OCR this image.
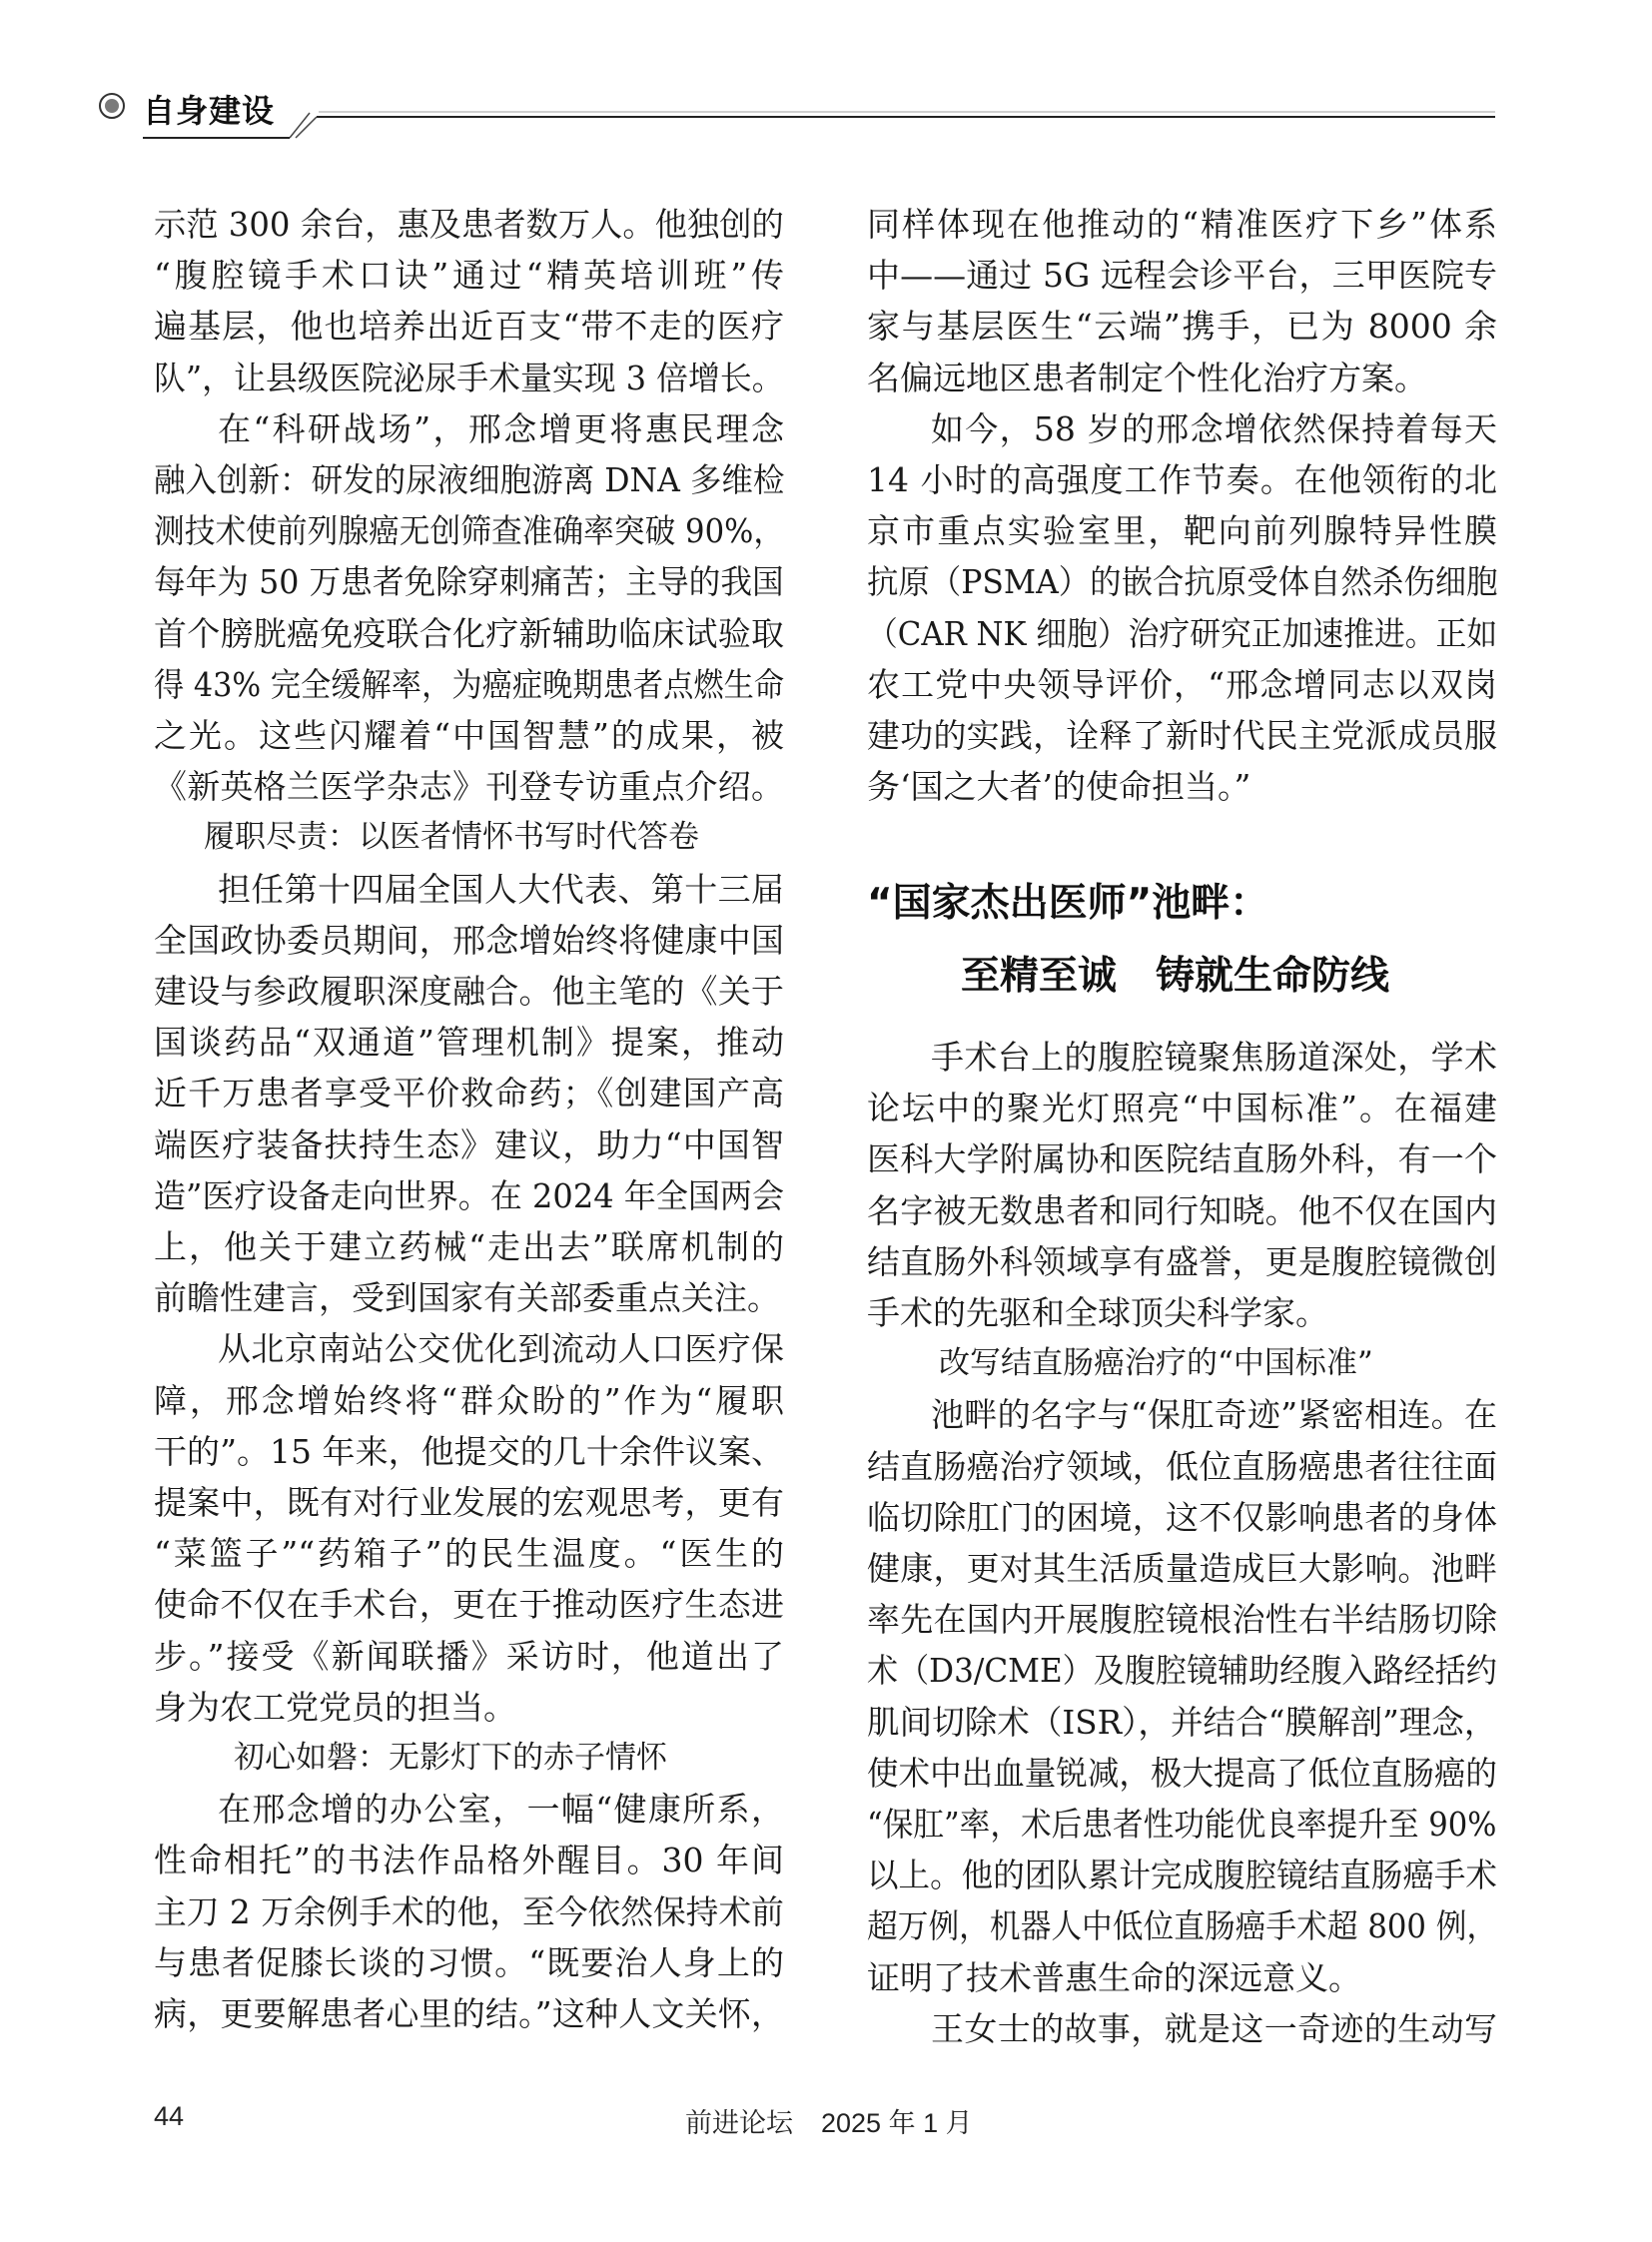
自身建设
示范 300 余台，惠及患者数万人。他独创的
“腹腔镜手术口诀”通过“精英培训班”传
遍基层，他也培养出近百支“带不走的医疗
队”，让县级医院泌尿手术量实现 3 倍增长。
在“科研战场”，邢念增更将惠民理念
融入创新：研发的尿液细胞游离 DNA 多维检
测技术使前列腺癌无创筛查准确率突破 90%，
每年为 50 万患者免除穿刺痛苦；主导的我国
首个膀胱癌免疫联合化疗新辅助临床试验取
得 43% 完全缓解率，为癌症晚期患者点燃生命
之光。这些闪耀着“中国智慧”的成果，被
《新英格兰医学杂志》刊登专访重点介绍。
履职尽责：以医者情怀书写时代答卷
担任第十四届全国人大代表、第十三届
全国政协委员期间，邢念增始终将健康中国
建设与参政履职深度融合。他主笔的《关于
国谈药品“双通道”管理机制》提案，推动
近千万患者享受平价救命药；《创建国产高
端医疗装备扶持生态》建议，助力“中国智
造”医疗设备走向世界。在 2024 年全国两会
上，他关于建立药械“走出去”联席机制的
前瞻性建言，受到国家有关部委重点关注。
从北京南站公交优化到流动人口医疗保
障，邢念增始终将“群众盼的”作为“履职
干的”。15 年来，他提交的几十余件议案、
提案中，既有对行业发展的宏观思考，更有
“菜篮子”“药箱子”的民生温度。“医生的
使命不仅在手术台，更在于推动医疗生态进
步。”接受《新闻联播》采访时，他道出了
身为农工党党员的担当。
初心如磐：无影灯下的赤子情怀
在邢念增的办公室，一幅“健康所系，
性命相托”的书法作品格外醒目。30 年间
主刀 2 万余例手术的他，至今依然保持术前
与患者促膝长谈的习惯。“既要治人身上的
病，更要解患者心里的结。”这种人文关怀，
同样体现在他推动的“精准医疗下乡”体系
中——通过 5G 远程会诊平台，三甲医院专
家与基层医生“云端”携手，已为 8000 余
名偏远地区患者制定个性化治疗方案。
如今，58 岁的邢念增依然保持着每天
14 小时的高强度工作节奏。在他领衔的北
京市重点实验室里，靶向前列腺特异性膜
抗原（PSMA）的嵌合抗原受体自然杀伤细胞
（CAR NK 细胞）治疗研究正加速推进。正如
农工党中央领导评价，“邢念增同志以双岗
建功的实践，诠释了新时代民主党派成员服
务‘国之大者’的使命担当。”
“国家杰出医师”池畔：
至精至诚　铸就生命防线
手术台上的腹腔镜聚焦肠道深处，学术
论坛中的聚光灯照亮“中国标准”。在福建
医科大学附属协和医院结直肠外科，有一个
名字被无数患者和同行知晓。他不仅在国内
结直肠外科领域享有盛誉，更是腹腔镜微创
手术的先驱和全球顶尖科学家。
改写结直肠癌治疗的“中国标准”
池畔的名字与“保肛奇迹”紧密相连。在
结直肠癌治疗领域，低位直肠癌患者往往面
临切除肛门的困境，这不仅影响患者的身体
健康，更对其生活质量造成巨大影响。池畔
率先在国内开展腹腔镜根治性右半结肠切除
术（D3/CME）及腹腔镜辅助经腹入路经括约
肌间切除术（ISR），并结合“膜解剖”理念，
使术中出血量锐减，极大提高了低位直肠癌的
“保肛”率，术后患者性功能优良率提升至 90%
以上。他的团队累计完成腹腔镜结直肠癌手术
超万例，机器人中低位直肠癌手术超 800 例，
证明了技术普惠生命的深远意义。
王女士的故事，就是这一奇迹的生动写
44	前进论坛 2025 年 1 月
